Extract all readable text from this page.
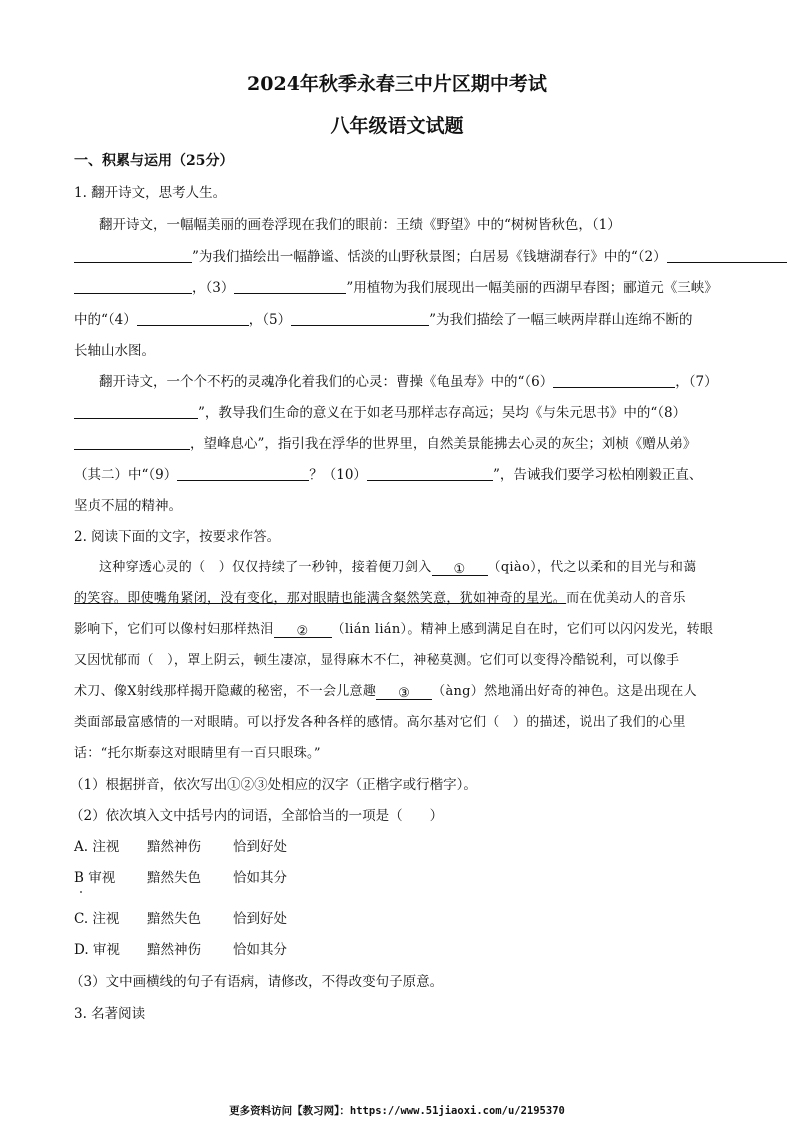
2024年秋季永春三中片区期中考试
八年级语文试题
一、积累与运用（25分）
1. 翻开诗文，思考人生。
翻开诗文，一幅幅美丽的画卷浮现在我们的眼前：王绩《野望》中的“树树皆秋色，（1）
”为我们描绘出一幅静谧、恬淡的山野秋景图；白居易《钱塘湖春行》中的“（2）
，（3）	”用植物为我们展现出一幅美丽的西湖早春图；郦道元《三峡》
中的“（4）	，（5）	”为我们描绘了一幅三峡两岸群山连绵不断的
长轴山水图。
翻开诗文，一个个不朽的灵魂净化着我们的心灵：曹操《龟虽寿》中的“（6）	，（7）
”，教导我们生命的意义在于如老马那样志存高远；吴均《与朱元思书》中的“（8）
，望峰息心”，指引我在浮华的世界里，自然美景能拂去心灵的灰尘；刘桢《赠从弟》
（其二）中“（9）	？（10）	”，告诫我们要学习松柏刚毅正直、
坚贞不屈的精神。
2. 阅读下面的文字，按要求作答。
这种穿透心灵的（　）仅仅持续了一秒钟，接着便刀剑入 ① （qiào），代之以柔和的目光与和蔼
的笑容。即使嘴角紧闭，没有变化，那对眼睛也能满含粲然笑意，犹如神奇的星光。而在优美动人的音乐
影响下，它们可以像村妇那样热泪 ② （lián lián）。精神上感到满足自在时，它们可以闪闪发光，转眼
又因忧郁而（　），罩上阴云，顿生凄凉，显得麻木不仁，神秘莫测。它们可以变得冷酷锐利，可以像手
术刀、像X射线那样揭开隐藏的秘密，不一会儿意趣 ③ （àng）然地涌出好奇的神色。这是出现在人
类面部最富感情的一对眼睛。可以抒发各种各样的感情。高尔基对它们（　）的描述，说出了我们的心里
话：“托尔斯泰这对眼睛里有一百只眼珠。”
（1）根据拼音，依次写出①②③处相应的汉字（正楷字或行楷字）。
（2）依次填入文中括号内的词语，全部恰当的一项是（　　）
A. 注视 黯然神伤 恰到好处
B 审视 黯然失色 恰如其分
C. 注视 黯然失色 恰到好处
D. 审视 黯然神伤 恰如其分
（3）文中画横线的句子有语病，请修改，不得改变句子原意。
3. 名著阅读
更多资料访问【教习网】：https://www.51jiaoxi.com/u/2195370
